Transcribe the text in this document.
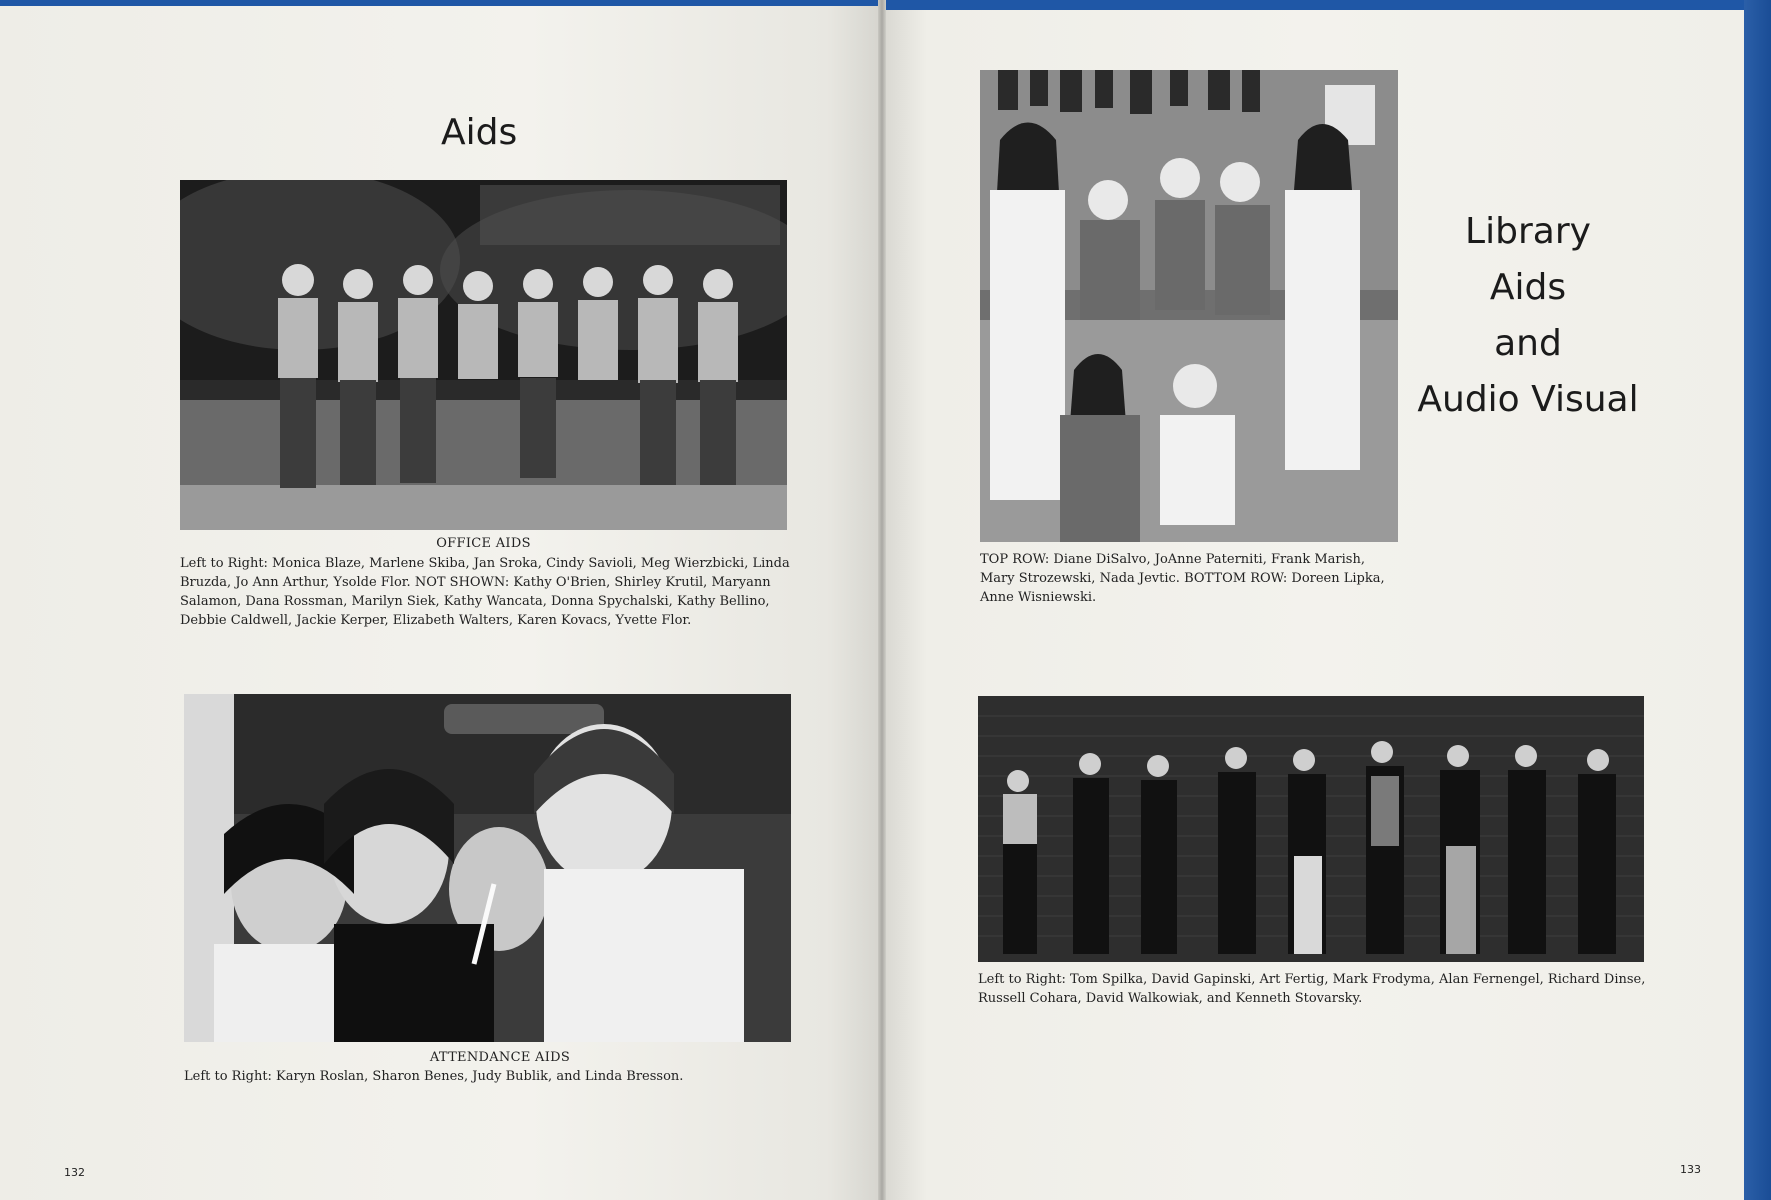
Aids
OFFICE AIDS
Left to Right: Monica Blaze, Marlene Skiba, Jan Sroka, Cindy Savioli, Meg Wierzbicki, Linda Bruzda, Jo Ann Arthur, Ysolde Flor. NOT SHOWN: Kathy O'Brien, Shirley Krutil, Maryann Salamon, Dana Rossman, Marilyn Siek, Kathy Wancata, Donna Spychalski, Kathy Bellino, Debbie Caldwell, Jackie Kerper, Elizabeth Walters, Karen Kovacs, Yvette Flor.
ATTENDANCE AIDS
Left to Right: Karyn Roslan, Sharon Benes, Judy Bublik, and Linda Bresson.
132
Library
Aids
and
Audio Visual
TOP ROW: Diane DiSalvo, JoAnne Paterniti, Frank Marish, Mary Strozewski, Nada Jevtic. BOTTOM ROW: Doreen Lipka, Anne Wisniewski.
Left to Right: Tom Spilka, David Gapinski, Art Fertig, Mark Frodyma, Alan Fernengel, Richard Dinse, Russell Cohara, David Walkowiak, and Kenneth Stovarsky.
133
